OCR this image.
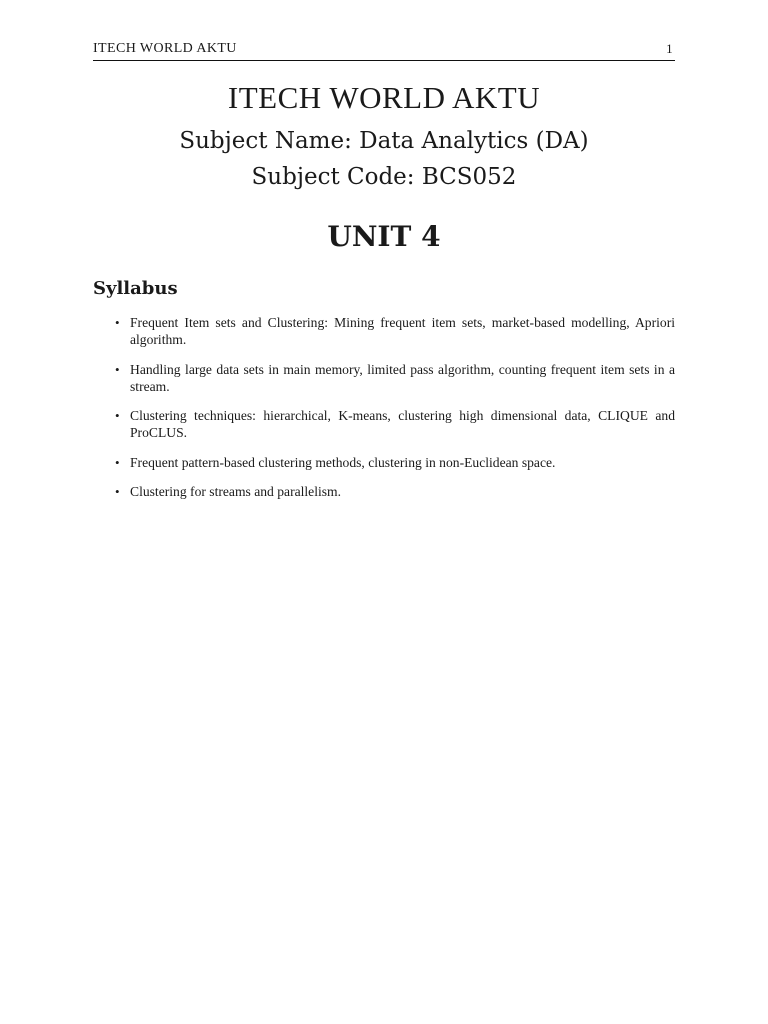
ITECH WORLD AKTU	1
ITECH WORLD AKTU
Subject Name: Data Analytics (DA)
Subject Code: BCS052
UNIT 4
Syllabus
• Frequent Item sets and Clustering: Mining frequent item sets, market-based modelling, Apriori algorithm.
• Handling large data sets in main memory, limited pass algorithm, counting frequent item sets in a stream.
• Clustering techniques: hierarchical, K-means, clustering high dimensional data, CLIQUE and ProCLUS.
• Frequent pattern-based clustering methods, clustering in non-Euclidean space.
• Clustering for streams and parallelism.
